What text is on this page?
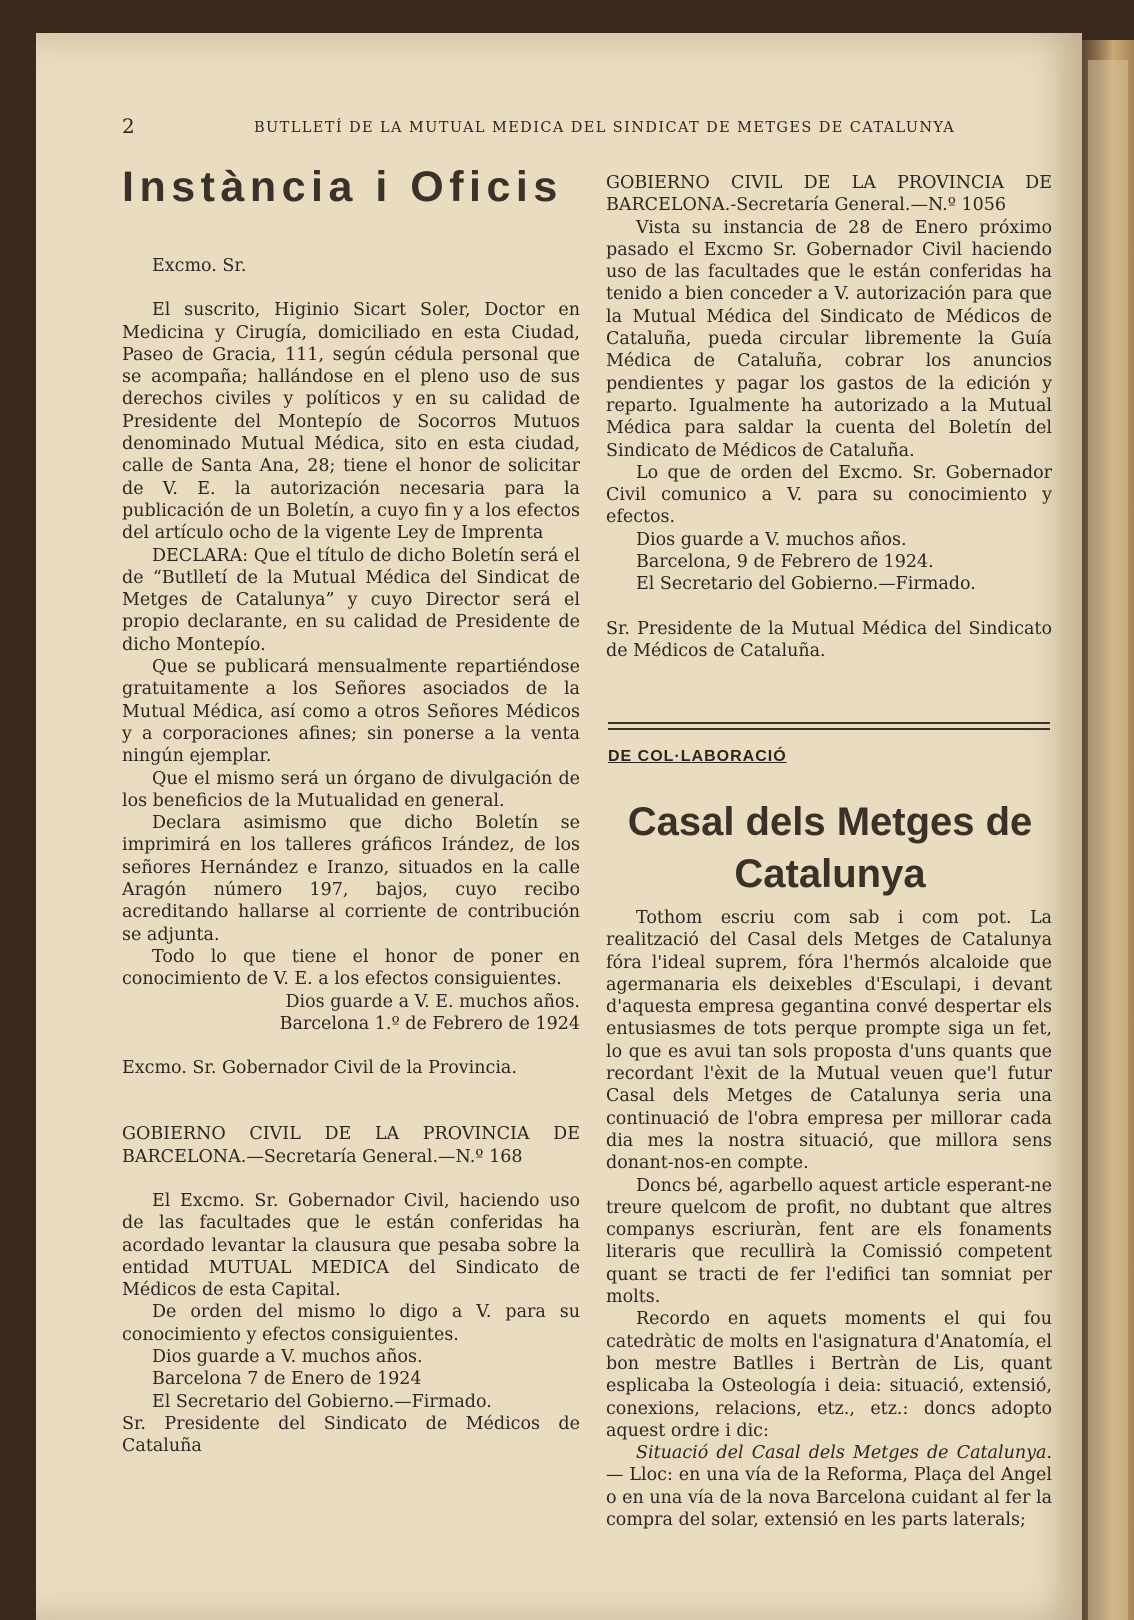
2	BUTLLETÍ DE LA MUTUAL MEDICA DEL SINDICAT DE METGES DE CATALUNYA
Instància i Oficis

Excmo. Sr.

El suscrito, Higinio Sicart Soler, Doctor en Medicina y Cirugía, domiciliado en esta Ciudad, Paseo de Gracia, 111, según cédula personal que se acompaña; hallándose en el pleno uso de sus derechos civiles y políticos y en su calidad de Presidente del Montepío de Socorros Mutuos denominado Mutual Médica, sito en esta ciudad, calle de Santa Ana, 28; tiene el honor de solicitar de V. E. la autorización necesaria para la publicación de un Boletín, a cuyo fin y a los efectos del artículo ocho de la vigente Ley de Imprenta

DECLARA: Que el título de dicho Boletín será el de “Butlletí de la Mutual Médica del Sindicat de Metges de Catalunya” y cuyo Director será el propio declarante, en su calidad de Presidente de dicho Montepío.

Que se publicará mensualmente repartiéndose gratuitamente a los Señores asociados de la Mutual Médica, así como a otros Señores Médicos y a corporaciones afines; sin ponerse a la venta ningún ejemplar.

Que el mismo será un órgano de divulgación de los beneficios de la Mutualidad en general.

Declara asimismo que dicho Boletín se imprimirá en los talleres gráficos Irández, de los señores Hernández e Iranzo, situados en la calle Aragón número 197, bajos, cuyo recibo acreditando hallarse al corriente de contribución se adjunta.

Todo lo que tiene el honor de poner en conocimiento de V. E. a los efectos consiguientes.

Dios guarde a V. E. muchos años.

Barcelona 1.º de Febrero de 1924

Excmo. Sr. Gobernador Civil de la Provincia.

GOBIERNO CIVIL DE LA PROVINCIA DE BARCELONA.—Secretaría General.—N.º 168

El Excmo. Sr. Gobernador Civil, haciendo uso de las facultades que le están conferidas ha acordado levantar la clausura que pesaba sobre la entidad MUTUAL MEDICA del Sindicato de Médicos de esta Capital.

De orden del mismo lo digo a V. para su conocimiento y efectos consiguientes.

Dios guarde a V. muchos años.

Barcelona 7 de Enero de 1924

El Secretario del Gobierno.—Firmado.

Sr. Presidente del Sindicato de Médicos de Cataluña

GOBIERNO CIVIL DE LA PROVINCIA DE BARCELONA.-Secretaría General.—N.º 1056

Vista su instancia de 28 de Enero próximo pasado el Excmo Sr. Gobernador Civil haciendo uso de las facultades que le están conferidas ha tenido a bien conceder a V. autorización para que la Mutual Médica del Sindicato de Médicos de Cataluña, pueda circular libremente la Guía Médica de Cataluña, cobrar los anuncios pendientes y pagar los gastos de la edición y reparto. Igualmente ha autorizado a la Mutual Médica para saldar la cuenta del Boletín del Sindicato de Médicos de Cataluña.

Lo que de orden del Excmo. Sr. Gobernador Civil comunico a V. para su conocimiento y efectos.

Dios guarde a V. muchos años.

Barcelona, 9 de Febrero de 1924.

El Secretario del Gobierno.—Firmado.

Sr. Presidente de la Mutual Médica del Sindicato de Médicos de Cataluña.

DE COL·LABORACIÓ
Casal dels Metges de
Catalunya

Tothom escriu com sab i com pot. La realització del Casal dels Metges de Catalunya fóra l'ideal suprem, fóra l'hermós alcaloide que agermanaria els deixebles d'Esculapi, i devant d'aquesta empresa gegantina convé despertar els entusiasmes de tots perque prompte siga un fet, lo que es avui tan sols proposta d'uns quants que recordant l'èxit de la Mutual veuen que'l futur Casal dels Metges de Catalunya seria una continuació de l'obra empresa per millorar cada dia mes la nostra situació, que millora sens donant-nos-en compte.

Doncs bé, agarbello aquest article esperant-ne treure quelcom de profit, no dubtant que altres companys escriuràn, fent are els fonaments literaris que recullirà la Comissió competent quant se tracti de fer l'edifici tan somniat per molts.

Recordo en aquets moments el qui fou catedràtic de molts en l'asignatura d'Anatomía, el bon mestre Batlles i Bertràn de Lis, quant esplicaba la Osteología i deia: situació, extensió, conexions, relacions, etz., etz.: doncs adopto aquest ordre i dic:

Situació del Casal dels Metges de Catalunya.— Lloc: en una vía de la Reforma, Plaça del Angel o en una vía de la nova Barcelona cuidant al fer la compra del solar, extensió en les parts laterals;
